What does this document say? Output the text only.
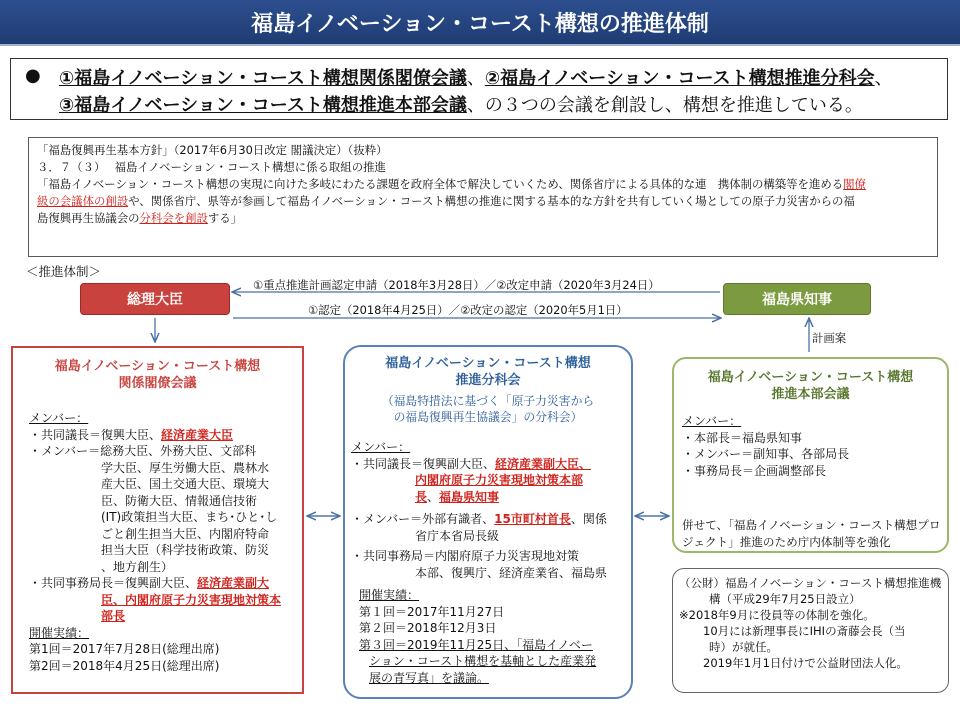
福島イノベーション・コースト構想の推進体制
● ①福島イノベーション・コースト構想関係閣僚会議、②福島イノベーション・コースト構想推進分科会、
③福島イノベーション・コースト構想推進本部会議、の３つの会議を創設し、構想を推進している。
「福島復興再生基本方針」（2017年6月30日改定 閣議決定）（抜粋）
３．７（３）　 福島イノベーション・コースト構想に係る取組の推進
「福島イノベーション・コースト構想の実現に向けた多岐にわたる課題を政府全体で解決していくため、関係省庁による具体的な連　携体制の構築等を進める閣僚
級の会議体の創設や、関係省庁、県等が参画して福島イノベーション・コースト構想の推進に関する基本的な方針を共有していく場としての原子力災害からの福
島復興再生協議会の分科会を創設する」
＜推進体制＞
総理大臣	福島県知事
①重点推進計画認定申請（2018年3月28日）／②改定申請（2020年3月24日）
①認定（2018年4月25日）／②改定の認定（2020年5月1日）
計画案
福島イノベーション・コースト構想
関係閣僚会議
メンバー：
・共同議長＝復興大臣、経済産業大臣
・メンバー＝総務大臣、外務大臣、文部科
学大臣、厚生労働大臣、農林水
産大臣、国土交通大臣、環境大
臣、防衛大臣、情報通信技術
(IT)政策担当大臣、まち･ひと･し
ごと創生担当大臣、内閣府特命
担当大臣（科学技術政策、防災
、地方創生）
・共同事務局長＝復興副大臣、経済産業副大
臣、内閣府原子力災害現地対策本
部長
開催実績：
第1回＝2017年7月28日(総理出席)
第2回＝2018年4月25日(総理出席)
福島イノベーション・コースト構想
推進分科会
（福島特措法に基づく「原子力災害から
の福島復興再生協議会」の分科会）
メンバー：
・共同議長＝復興副大臣、経済産業副大臣、
内閣府原子力災害現地対策本部
長、福島県知事
・メンバー＝外部有識者、15市町村首長、関係
省庁本省局長級
・共同事務局＝内閣府原子力災害現地対策
本部、復興庁、経済産業省、福島県
開催実績：
第１回＝2017年11月27日
第２回＝2018年12月3日
第３回＝2019年11月25日、「福島イノベー
ション・コースト構想を基軸とした産業発
展の青写真」を議論。
福島イノベーション・コースト構想
推進本部会議
メンバー：
・本部長＝福島県知事
・メンバー＝副知事、各部局長
・事務局長＝企画調整部長
併せて、「福島イノベーション・コースト構想プロ
ジェクト」推進のため庁内体制等を強化
（公財）福島イノベーション・コースト構想推進機
構（平成29年7月25日設立）
※2018年9月に役員等の体制を強化。
10月には新理事長にIHIの斎藤会長（当
時）が就任。
2019年1月1日付けで公益財団法人化。
